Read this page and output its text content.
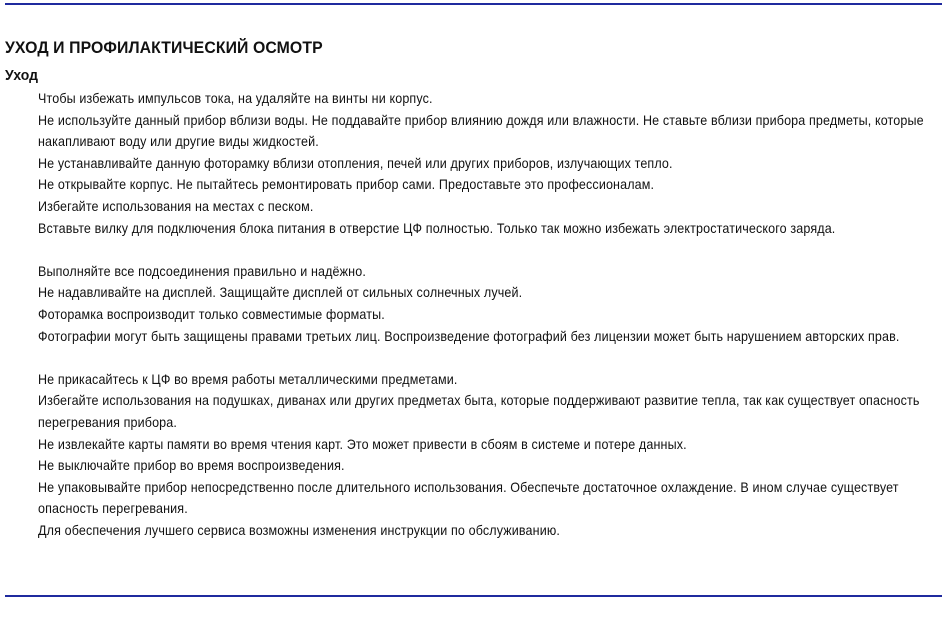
УХОД И ПРОФИЛАКТИЧЕСКИЙ ОСМОТР
Уход
Чтобы избежать импульсов тока, на удаляйте на винты ни корпус.
Не используйте данный прибор вблизи воды. Не поддавайте прибор влиянию дождя или влажности. Не ставьте вблизи прибора предметы, которые накапливают воду или другие виды жидкостей.
Не устанавливайте данную фоторамку вблизи отопления, печей или других приборов, излучающих тепло.
Не открывайте корпус. Не пытайтесь ремонтировать прибор сами. Предоставьте это профессионалам.
Избегайте использования на местах с песком.
Вставьте вилку для подключения блока питания в отверстие ЦФ полностью. Только так можно избежать электростатического заряда.
Выполняйте все подсоединения правильно и надёжно.
Не надавливайте на дисплей. Защищайте дисплей от сильных солнечных лучей.
Фоторамка воспроизводит только совместимые форматы.
Фотографии могут быть защищены правами третьих лиц. Воспроизведение фотографий без лицензии может быть нарушением авторских прав.
Не прикасайтесь к ЦФ во время работы металлическими предметами.
Избегайте использования на подушках, диванах или других предметах быта, которые поддерживают развитие тепла, так как существует опасность перегревания прибора.
Не извлекайте карты памяти во время чтения карт. Это может привести в сбоям в системе и потере данных.
Не выключайте прибор во время воспроизведения.
Не упаковывайте прибор непосредственно после длительного использования. Обеспечьте достаточное охлаждение. В ином случае существует опасность перегревания.
Для обеспечения лучшего сервиса возможны изменения инструкции по обслуживанию.
